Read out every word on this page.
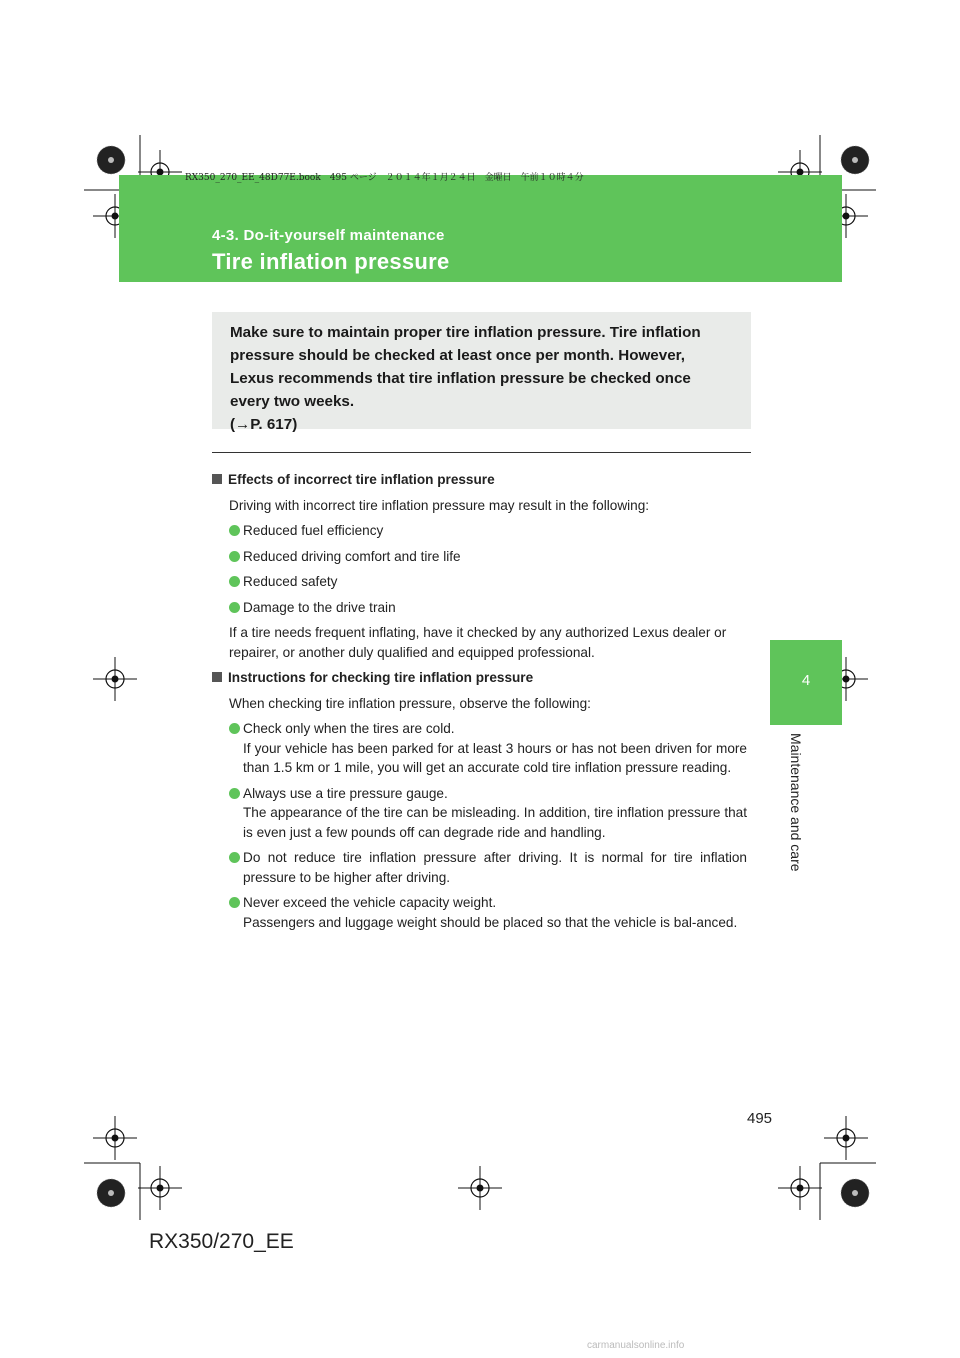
RX350_270_EE_48D77E.book　495 ページ　２０１４年１月２４日　金曜日　午前１０時４分
4-3. Do-it-yourself maintenance
Tire inflation pressure
4
Maintenance and care
Make sure to maintain proper tire inflation pressure. Tire inflation pressure should be checked at least once per month. However, Lexus recommends that tire inflation pressure be checked once every two weeks.
(→P. 617)
Effects of incorrect tire inflation pressure
Driving with incorrect tire inflation pressure may result in the following:
Reduced fuel efficiency
Reduced driving comfort and tire life
Reduced safety
Damage to the drive train
If a tire needs frequent inflating, have it checked by any authorized Lexus dealer or repairer, or another duly qualified and equipped professional.
Instructions for checking tire inflation pressure
When checking tire inflation pressure, observe the following:
Check only when the tires are cold.
If your vehicle has been parked for at least 3 hours or has not been driven for more than 1.5 km or 1 mile, you will get an accurate cold tire inflation pressure reading.
Always use a tire pressure gauge.
The appearance of the tire can be misleading. In addition, tire inflation pressure that is even just a few pounds off can degrade ride and handling.
Do not reduce tire inflation pressure after driving. It is normal for tire inflation pressure to be higher after driving.
Never exceed the vehicle capacity weight.
Passengers and luggage weight should be placed so that the vehicle is bal-anced.
495
RX350/270_EE
carmanualsonline.info
